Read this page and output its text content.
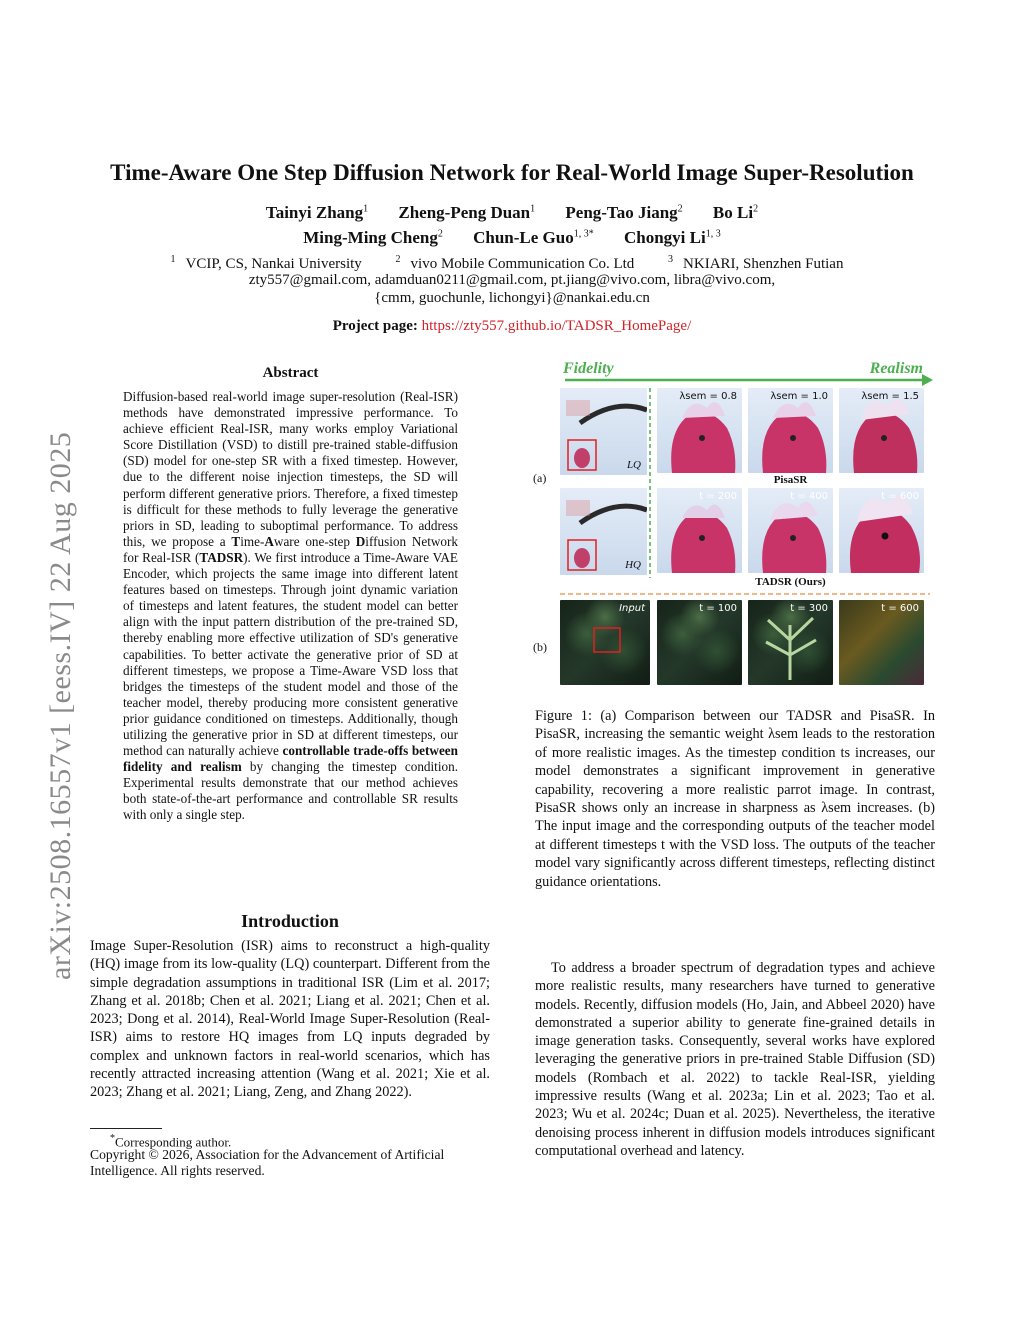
arXiv:2508.16557v1 [eess.IV] 22 Aug 2025
Time-Aware One Step Diffusion Network for Real-World Image Super-Resolution
Tainyi Zhang$^1$ Zheng-Peng Duan$^1$ Peng-Tao Jiang$^2$ Bo Li$^2$
Ming-Ming Cheng$^2$ Chun-Le Guo$^{1, 3*}$ Chongyi Li$^{1, 3}$
$^1$ VCIP, CS, Nankai University	$^2$ vivo Mobile Communication Co. Ltd	$^3$ NKIARI, Shenzhen Futian
zty557@gmail.com, adamduan0211@gmail.com, pt.jiang@vivo.com, libra@vivo.com,
{cmm, guochunle, lichongyi}@nankai.edu.cn
Project page: https://zty557.github.io/TADSR_HomePage/
Abstract
Diffusion-based real-world image super-resolution (Real-ISR) methods have demonstrated impressive performance. To achieve efficient Real-ISR, many works employ Variational Score Distillation (VSD) to distill pre-trained stable-diffusion (SD) model for one-step SR with a fixed timestep. However, due to the different noise injection timesteps, the SD will perform different generative priors. Therefore, a fixed timestep is difficult for these methods to fully leverage the generative priors in SD, leading to suboptimal performance. To address this, we propose a Time-Aware one-step Diffusion Network for Real-ISR (TADSR). We first introduce a Time-Aware VAE Encoder, which projects the same image into different latent features based on timesteps. Through joint dynamic variation of timesteps and latent features, the student model can better align with the input pattern distribution of the pre-trained SD, thereby enabling more effective utilization of SD's generative capabilities. To better activate the generative prior of SD at different timesteps, we propose a Time-Aware VSD loss that bridges the timesteps of the student model and those of the teacher model, thereby producing more consistent generative prior guidance conditioned on timesteps. Additionally, though utilizing the generative prior in SD at different timesteps, our method can naturally achieve controllable trade-offs between fidelity and realism by changing the timestep condition. Experimental results demonstrate that our method achieves both state-of-the-art performance and controllable SR results with only a single step.
Introduction
Image Super-Resolution (ISR) aims to reconstruct a high-quality (HQ) image from its low-quality (LQ) counterpart. Different from the simple degradation assumptions in traditional ISR (Lim et al. 2017; Zhang et al. 2018b; Chen et al. 2021; Liang et al. 2021; Chen et al. 2023; Dong et al. 2014), Real-World Image Super-Resolution (Real-ISR) aims to restore HQ images from LQ inputs degraded by complex and unknown factors in real-world scenarios, which has recently attracted increasing attention (Wang et al. 2021; Xie et al. 2023; Zhang et al. 2021; Liang, Zeng, and Zhang 2022).
*Corresponding author.
Copyright © 2026, Association for the Advancement of Artificial Intelligence. All rights reserved.
Fidelity	Realism
(a)
(b)
LQ
HQ
λsem = 0.8	λsem = 1.0	λsem = 1.5
PisaSR
t = 200	t = 400	t = 600
TADSR (Ours)
Input	t = 100	t = 300	t = 600
Figure 1: (a) Comparison between our TADSR and PisaSR. In PisaSR, increasing the semantic weight λsem leads to the restoration of more realistic images. As the timestep condition ts increases, our model demonstrates a significant improvement in generative capability, recovering a more realistic parrot image. In contrast, PisaSR shows only an increase in sharpness as λsem increases. (b) The input image and the corresponding outputs of the teacher model at different timesteps t with the VSD loss. The outputs of the teacher model vary significantly across different timesteps, reflecting distinct guidance orientations.
To address a broader spectrum of degradation types and achieve more realistic results, many researchers have turned to generative models. Recently, diffusion models (Ho, Jain, and Abbeel 2020) have demonstrated a superior ability to generate fine-grained details in image generation tasks. Consequently, several works have explored leveraging the generative priors in pre-trained Stable Diffusion (SD) models (Rombach et al. 2022) to tackle Real-ISR, yielding impressive results (Wang et al. 2023a; Lin et al. 2023; Tao et al. 2023; Wu et al. 2024c; Duan et al. 2025). Nevertheless, the iterative denoising process inherent in diffusion models introduces significant computational overhead and latency.
